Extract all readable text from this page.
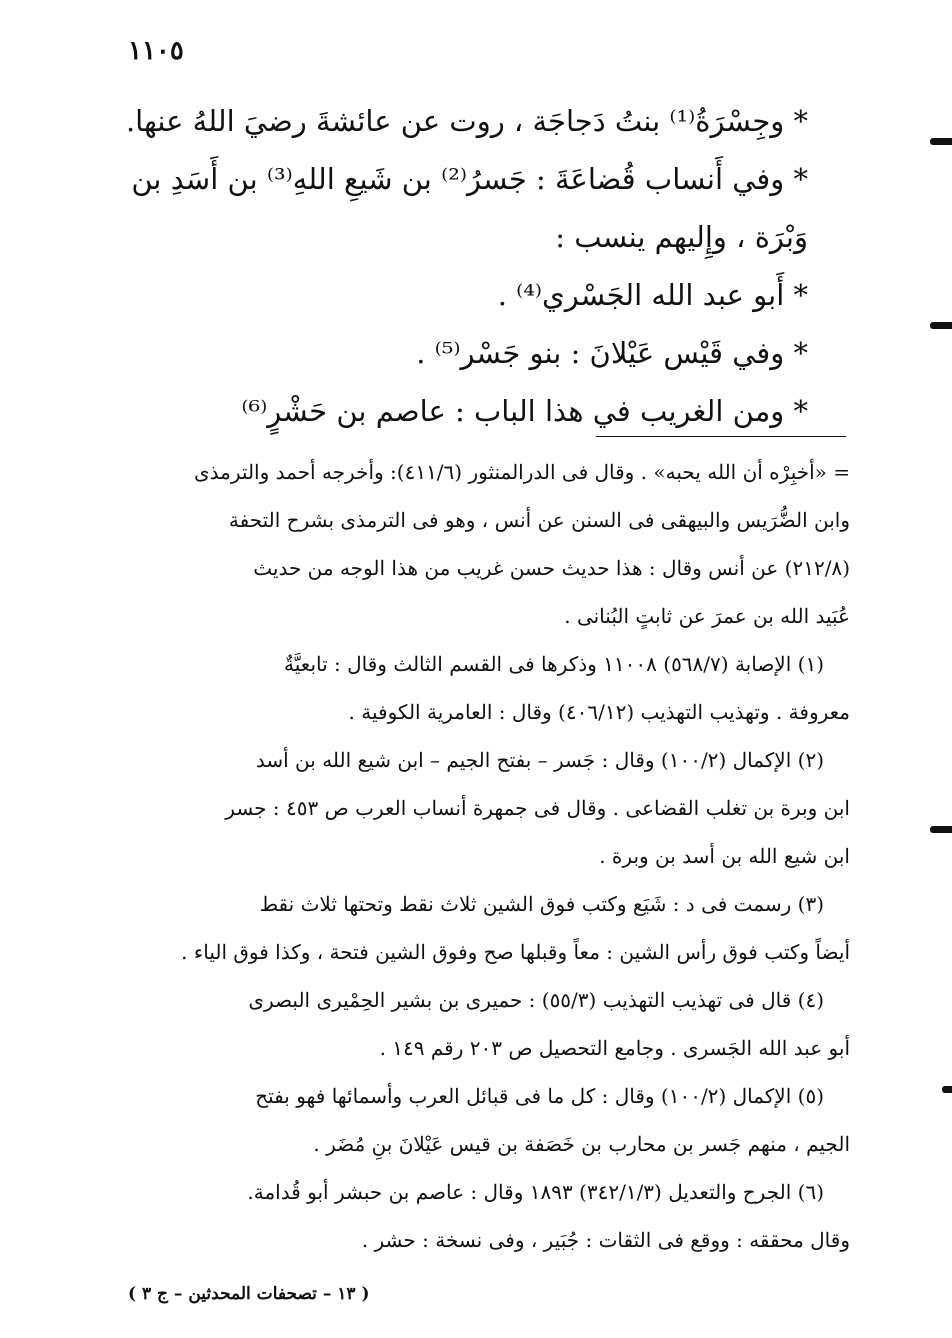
١١٠٥
* وجِسْرَةُ⁽¹⁾ بنتُ دَجاجَة ، روت عن عائشةَ رضيَ اللهُ عنها.
* وفي أَنساب قُضاعَةَ : جَسرُ⁽²⁾ بن شَيعِ اللهِ⁽³⁾ بن أَسَدِ بن
وَبْرَة ، وإِليهم ينسب :
* أَبو عبد الله الجَسْري⁽⁴⁾ .
* وفي قَيْس عَيْلانَ : بنو جَسْر⁽⁵⁾ .
* ومن الغريب في هذا الباب : عاصم بن حَشْرٍ⁽⁶⁾
= «أخبِرْه أن الله يحبه» . وقال فى الدرالمنثور (٤١١/٦): وأخرجه أحمد والترمذى
وابن الضُّرَيس والبيهقى فى السنن عن أنس ، وهو فى الترمذى بشرح التحفة
(٢١٢/٨) عن أنس وقال : هذا حديث حسن غريب من هذا الوجه من حديث
عُبَيد الله بن عمرَ عن ثابتٍ البُنانى .
(١) الإصابة (٥٦٨/٧) ١١٠٠٨ وذكرها فى القسم الثالث وقال : تابعيَّةٌ
معروفة . وتهذيب التهذيب (٤٠٦/١٢) وقال : العامرية الكوفية .
(٢) الإكمال (١٠٠/٢) وقال : جَسر – بفتح الجيم – ابن شيع الله بن أسد
ابن وبرة بن تغلب القضاعى . وقال فى جمهرة أنساب العرب ص ٤٥٣ : جسر
ابن شيع الله بن أسد بن وبرة .
(٣) رسمت فى د : شَيَع وكتب فوق الشين ثلاث نقط وتحتها ثلاث نقط
أيضاً وكتب فوق رأس الشين : معاً وقبلها صح وفوق الشين فتحة ، وكذا فوق الياء .
(٤) قال فى تهذيب التهذيب (٥٥/٣) : حميرى بن بشير الحِمْيرى البصرى
أبو عبد الله الجَسرى . وجامع التحصيل ص ٢٠٣ رقم ١٤٩ .
(٥) الإكمال (١٠٠/٢) وقال : كل ما فى قبائل العرب وأسمائها فهو بفتح
الجيم ، منهم جَسر بن محارب بن خَصَفة بن قيس عَيْلانَ بنِ مُضَر .
(٦) الجرح والتعديل (٣٤٢/١/٣) ١٨٩٣ وقال : عاصم بن حبشر أبو قُدامة.
وقال محققه : ووقع فى الثقات : جُبَير ، وفى نسخة : حشر .
( ١٣ – تصحفات المحدثين – ج ٣ )
